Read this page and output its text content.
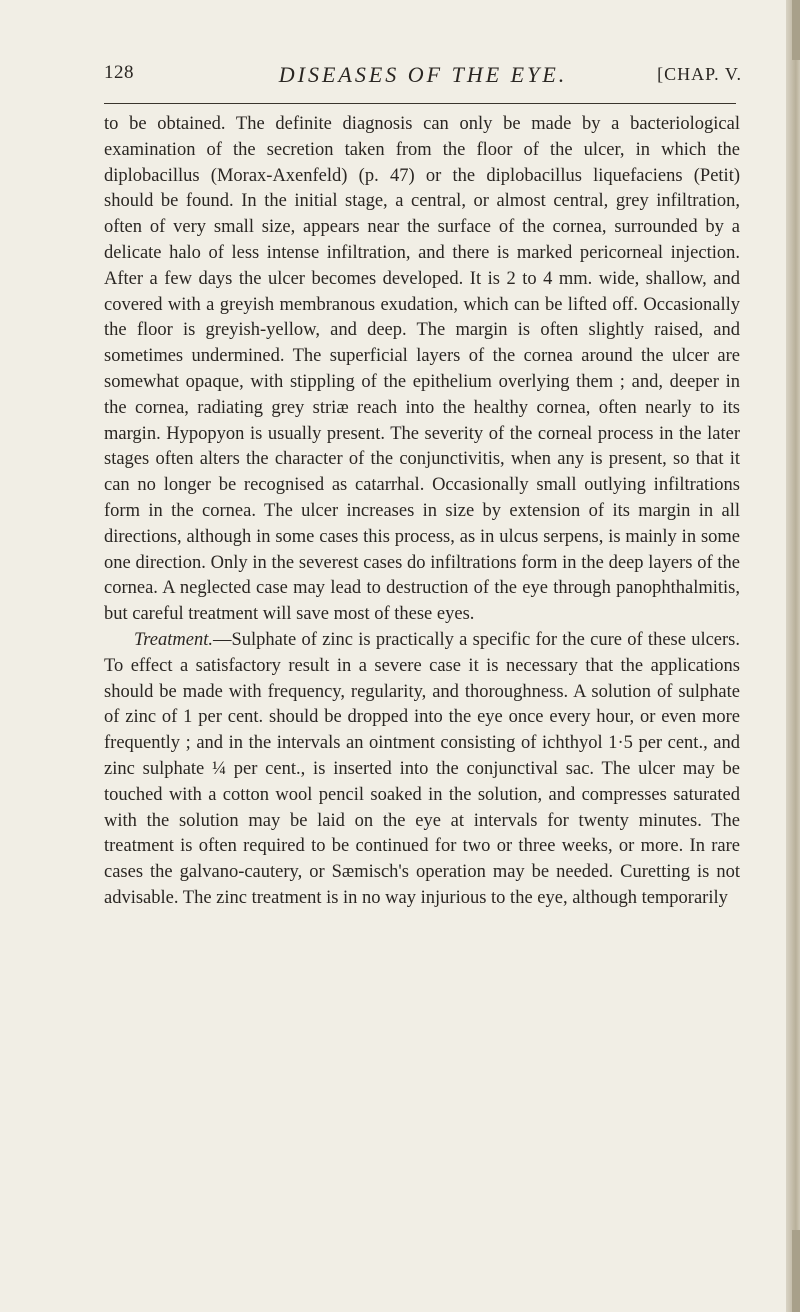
128	DISEASES OF THE EYE.	[CHAP. V.

to be obtained. The definite diagnosis can only be made by a bacteriological examination of the secretion taken from the floor of the ulcer, in which the diplobacillus (Morax-Axenfeld) (p. 47) or the diplobacillus liquefaciens (Petit) should be found. In the initial stage, a central, or almost central, grey infiltration, often of very small size, appears near the surface of the cornea, surrounded by a delicate halo of less intense infiltration, and there is marked pericorneal injection. After a few days the ulcer becomes developed. It is 2 to 4 mm. wide, shallow, and covered with a greyish membranous exudation, which can be lifted off. Occasionally the floor is greyish-yellow, and deep. The margin is often slightly raised, and sometimes undermined. The superficial layers of the cornea around the ulcer are somewhat opaque, with stippling of the epithelium overlying them ; and, deeper in the cornea, radiating grey striæ reach into the healthy cornea, often nearly to its margin. Hypopyon is usually present. The severity of the corneal process in the later stages often alters the character of the conjunctivitis, when any is present, so that it can no longer be recognised as catarrhal. Occasionally small outlying infiltrations form in the cornea. The ulcer increases in size by extension of its margin in all directions, although in some cases this process, as in ulcus serpens, is mainly in some one direction. Only in the severest cases do infiltrations form in the deep layers of the cornea. A neglected case may lead to destruction of the eye through panophthalmitis, but careful treatment will save most of these eyes.

Treatment.—Sulphate of zinc is practically a specific for the cure of these ulcers. To effect a satisfactory result in a severe case it is necessary that the applications should be made with frequency, regularity, and thoroughness. A solution of sulphate of zinc of 1 per cent. should be dropped into the eye once every hour, or even more frequently ; and in the intervals an ointment consisting of ichthyol 1·5 per cent., and zinc sulphate ¼ per cent., is inserted into the conjunctival sac. The ulcer may be touched with a cotton wool pencil soaked in the solution, and compresses saturated with the solution may be laid on the eye at intervals for twenty minutes. The treatment is often required to be continued for two or three weeks, or more. In rare cases the galvano-cautery, or Sæmisch's operation may be needed. Curetting is not advisable. The zinc treatment is in no way injurious to the eye, although temporarily
